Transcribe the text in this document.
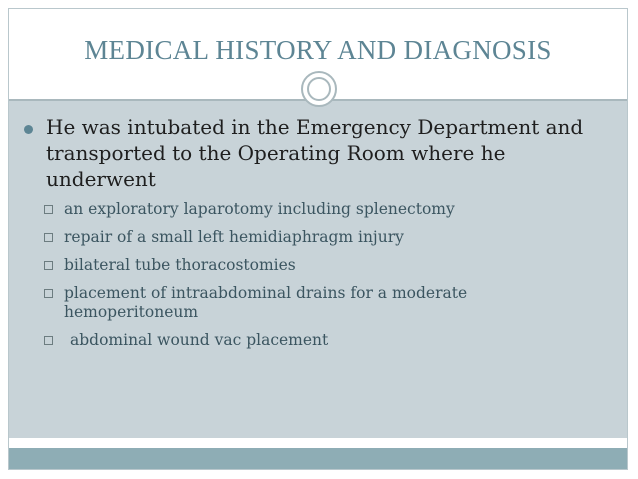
MEDICAL HISTORY AND DIAGNOSIS
He was intubated in the Emergency Department and transported to the Operating Room where he underwent
an exploratory laparotomy including splenectomy
repair of a small left hemidiaphragm injury
bilateral tube thoracostomies
placement of intraabdominal drains for a moderate hemoperitoneum
abdominal wound vac placement
